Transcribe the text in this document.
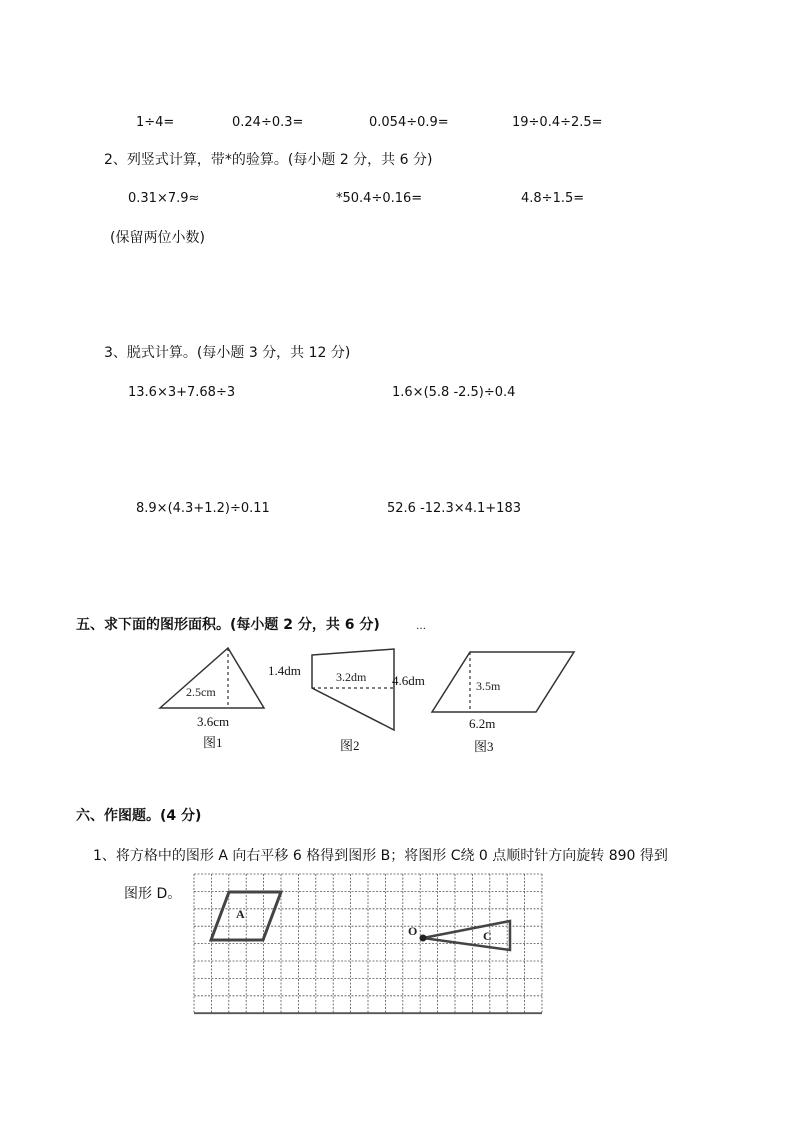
1÷4=	0.24÷0.3=	0.054÷0.9=	19÷0.4÷2.5=
2、列竖式计算，带*的验算。(每小题 2 分，共 6 分)
0.31×7.9≈	*50.4÷0.16=	4.8÷1.5=
(保留两位小数)
3、脱式计算。(每小题 3 分，共 12 分)
13.6×3+7.68÷3	1.6×(5.8 -2.5)÷0.4
8.9×(4.3+1.2)÷0.11	52.6 -12.3×4.1+183
五、求下面的图形面积。(每小题 2 分，共 6 分)	…
2.5cm
3.6cm
图1
1.4dm	3.2dm 4.6dm
图2
3.5m
6.2m
图3
六、作图题。(4 分)
1、将方格中的图形 A 向右平移 6 格得到图形 B；将图形 C绕 0 点顺时针方向旋转 890 得到
图形 D。
A
O	C
